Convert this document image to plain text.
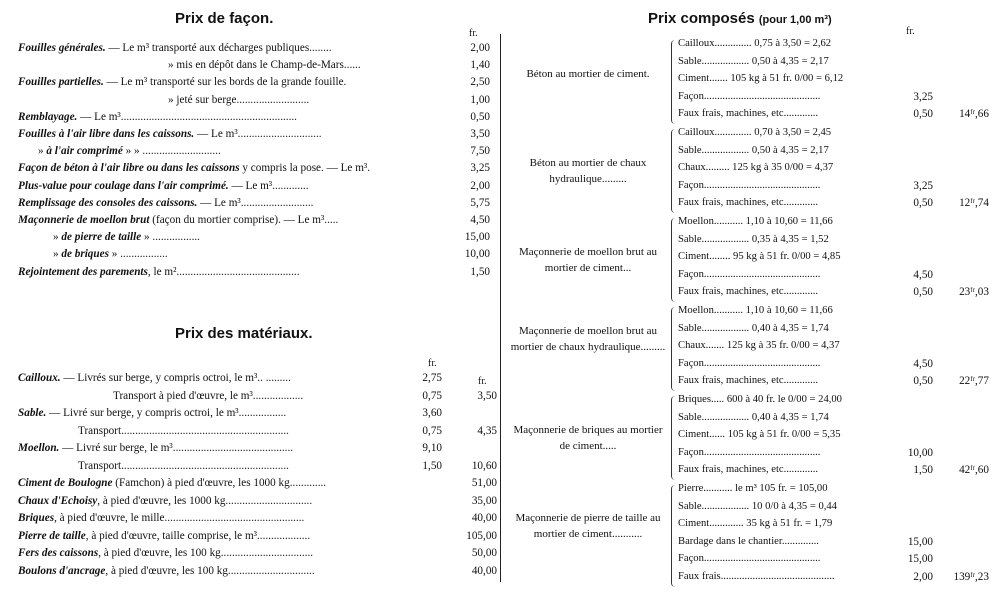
Prix de façon.
fr.
Fouilles générales. — Le m³ transporté aux décharges publiques........	2,00
» mis en dépôt dans le Champ-de-Mars......	1,40
Fouilles partielles. — Le m³ transporté sur les bords de la grande fouille.	2,50
» jeté sur berge..........................	1,00
Remblayage. — Le m³...............................................................	0,50
Fouilles à l'air libre dans les caissons. — Le m³..............................	3,50
» à l'air comprimé » » ............................	7,50
Façon de béton à l'air libre ou dans les caissons y compris la pose. — Le m³.	3,25
Plus-value pour coulage dans l'air comprimé. — Le m³.............	2,00
Remplissage des consoles des caissons. — Le m³..........................	5,75
Maçonnerie de moellon brut (façon du mortier comprise). — Le m³.....	4,50
» de pierre de taille » .................	15,00
» de briques » .................	10,00
Rejointement des parements, le m²............................................	1,50
Prix des matériaux.
fr.
fr.
Cailloux. — Livrés sur berge, y compris octroi, le m³.. .........	2,75
Transport à pied d'œuvre, le m³..................	0,75	3,50
Sable. — Livré sur berge, y compris octroi, le m³.................	3,60
Transport............................................................	0,75	4,35
Moellon. — Livré sur berge, le m³...........................................	9,10
Transport............................................................	1,50	10,60
Ciment de Boulogne (Famchon) à pied d'œuvre, les 1000 kg.............	51,00
Chaux d'Echoisy, à pied d'œuvre, les 1000 kg...............................	35,00
Briques, à pied d'œuvre, le mille..................................................	40,00
Pierre de taille, à pied d'œuvre, taille comprise, le m³...................	105,00
Fers des caissons, à pied d'œuvre, les 100 kg.................................	50,00
Boulons d'ancrage, à pied d'œuvre, les 100 kg...............................	40,00
Prix composés (pour 1,00 m³)
fr.
Béton au mortier de ciment.
Cailloux.............. 0,75 à 3,50 = 2,62
Sable.................. 0,50 à 4,35 = 2,17
Ciment....... 105 kg à 51 fr. 0/00 = 6,12
Façon............................................	3,25
Faux frais, machines, etc.............	0,50	14ᶠʳ,66
Béton au mortier de chaux hydraulique.........
Cailloux.............. 0,70 à 3,50 = 2,45
Sable.................. 0,50 à 4,35 = 2,17
Chaux......... 125 kg à 35 0/00 = 4,37
Façon............................................	3,25
Faux frais, machines, etc.............	0,50	12ᶠʳ,74
Maçonnerie de moellon brut au mortier de ciment...
Moellon........... 1,10 à 10,60 = 11,66
Sable.................. 0,35 à 4,35 = 1,52
Ciment........ 95 kg à 51 fr. 0/00 = 4,85
Façon............................................	4,50
Faux frais, machines, etc.............	0,50	23ᶠʳ,03
Maçonnerie de moellon brut au mortier de chaux hydraulique.........
Moellon........... 1,10 à 10,60 = 11,66
Sable.................. 0,40 à 4,35 = 1,74
Chaux....... 125 kg à 35 fr. 0/00 = 4,37
Façon............................................	4,50
Faux frais, machines, etc.............	0,50	22ᶠʳ,77
Maçonnerie de briques au mortier de ciment.....
Briques..... 600 à 40 fr. le 0/00 = 24,00
Sable.................. 0,40 à 4,35 = 1,74
Ciment...... 105 kg à 51 fr. 0/00 = 5,35
Façon............................................	10,00
Faux frais, machines, etc.............	1,50	42ᶠʳ,60
Maçonnerie de pierre de taille au mortier de ciment...........
Pierre........... le m³ 105 fr. = 105,00
Sable.................. 10 0/0 à 4,35 = 0,44
Ciment............. 35 kg à 51 fr. = 1,79
Bardage dans le chantier..............	15,00
Façon............................................	15,00
Faux frais...........................................	2,00	139ᶠʳ,23
